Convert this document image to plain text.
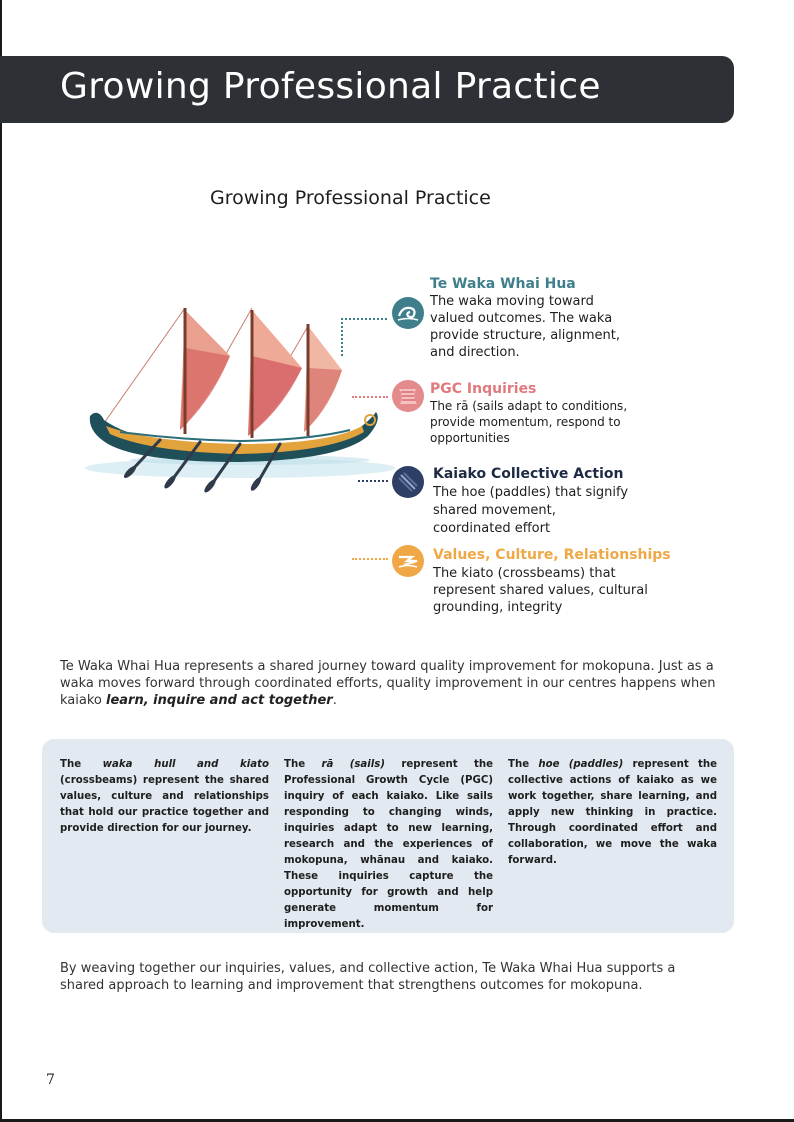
Growing Professional Practice
Growing Professional Practice
Te Waka Whai Hua
The waka moving toward
valued outcomes. The waka
provide structure, alignment,
and direction.
PGC Inquiries
The rā (sails adapt to conditions,
provide momentum, respond to
opportunities
Kaiako Collective Action
The hoe (paddles) that signify
shared movement,
coordinated effort
Values, Culture, Relationships
The kiato (crossbeams) that
represent shared values, cultural
grounding, integrity
Te Waka Whai Hua represents a shared journey toward quality improvement for mokopuna. Just as a waka moves forward through coordinated efforts, quality improvement in our centres happens when kaiako learn, inquire and act together.
The waka hull and kiato (crossbeams) represent the shared values, culture and relationships that hold our practice together and provide direction for our journey.
The rā (sails) represent the Professional Growth Cycle (PGC) inquiry of each kaiako. Like sails responding to changing winds, inquiries adapt to new learning, research and the experiences of mokopuna, whānau and kaiako. These inquiries capture the opportunity for growth and help generate momentum for improvement.
The hoe (paddles) represent the collective actions of kaiako as we work together, share learning, and apply new thinking in practice. Through coordinated effort and collaboration, we move the waka forward.
By weaving together our inquiries, values, and collective action, Te Waka Whai Hua supports a shared approach to learning and improvement that strengthens outcomes for mokopuna.
7
